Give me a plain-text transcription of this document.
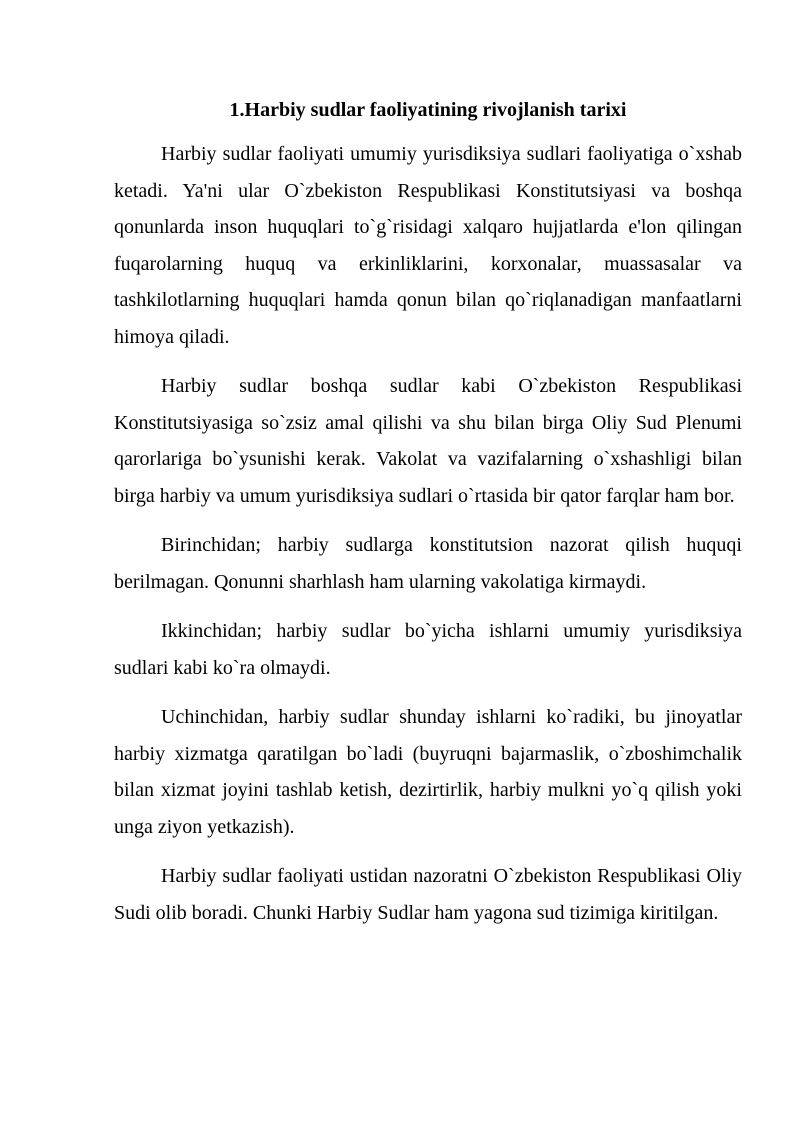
1.Harbiy sudlar faoliyatining rivojlanish tarixi

Harbiy sudlar faoliyati umumiy yurisdiksiya sudlari faoliyatiga o`xshab ketadi. Ya'ni ular O`zbekiston Respublikasi Konstitutsiyasi va boshqa qonunlarda inson huquqlari to`g`risidagi xalqaro hujjatlarda e'lon qilingan fuqarolarning huquq va erkinliklarini, korxonalar, muassasalar va tashkilotlarning huquqlari hamda qonun bilan qo`riqlanadigan manfaatlarni himoya qiladi.

Harbiy sudlar boshqa sudlar kabi O`zbekiston Respublikasi Konstitutsiyasiga so`zsiz amal qilishi va shu bilan birga Oliy Sud Plenumi qarorlariga bo`ysunishi kerak. Vakolat va vazifalarning o`xshashligi bilan birga harbiy va umum yurisdiksiya sudlari o`rtasida bir qator farqlar ham bor.

Birinchidan; harbiy sudlarga konstitutsion nazorat qilish huquqi berilmagan. Qonunni sharhlash ham ularning vakolatiga kirmaydi.

Ikkinchidan; harbiy sudlar bo`yicha ishlarni umumiy yurisdiksiya sudlari kabi ko`ra olmaydi.

Uchinchidan, harbiy sudlar shunday ishlarni ko`radiki, bu jinoyatlar harbiy xizmatga qaratilgan bo`ladi (buyruqni bajarmaslik, o`zboshimchalik bilan xizmat joyini tashlab ketish, dezirtirlik, harbiy mulkni yo`q qilish yoki unga ziyon yetkazish).

Harbiy sudlar faoliyati ustidan nazoratni O`zbekiston Respublikasi Oliy Sudi olib boradi. Chunki Harbiy Sudlar ham yagona sud tizimiga kiritilgan.
